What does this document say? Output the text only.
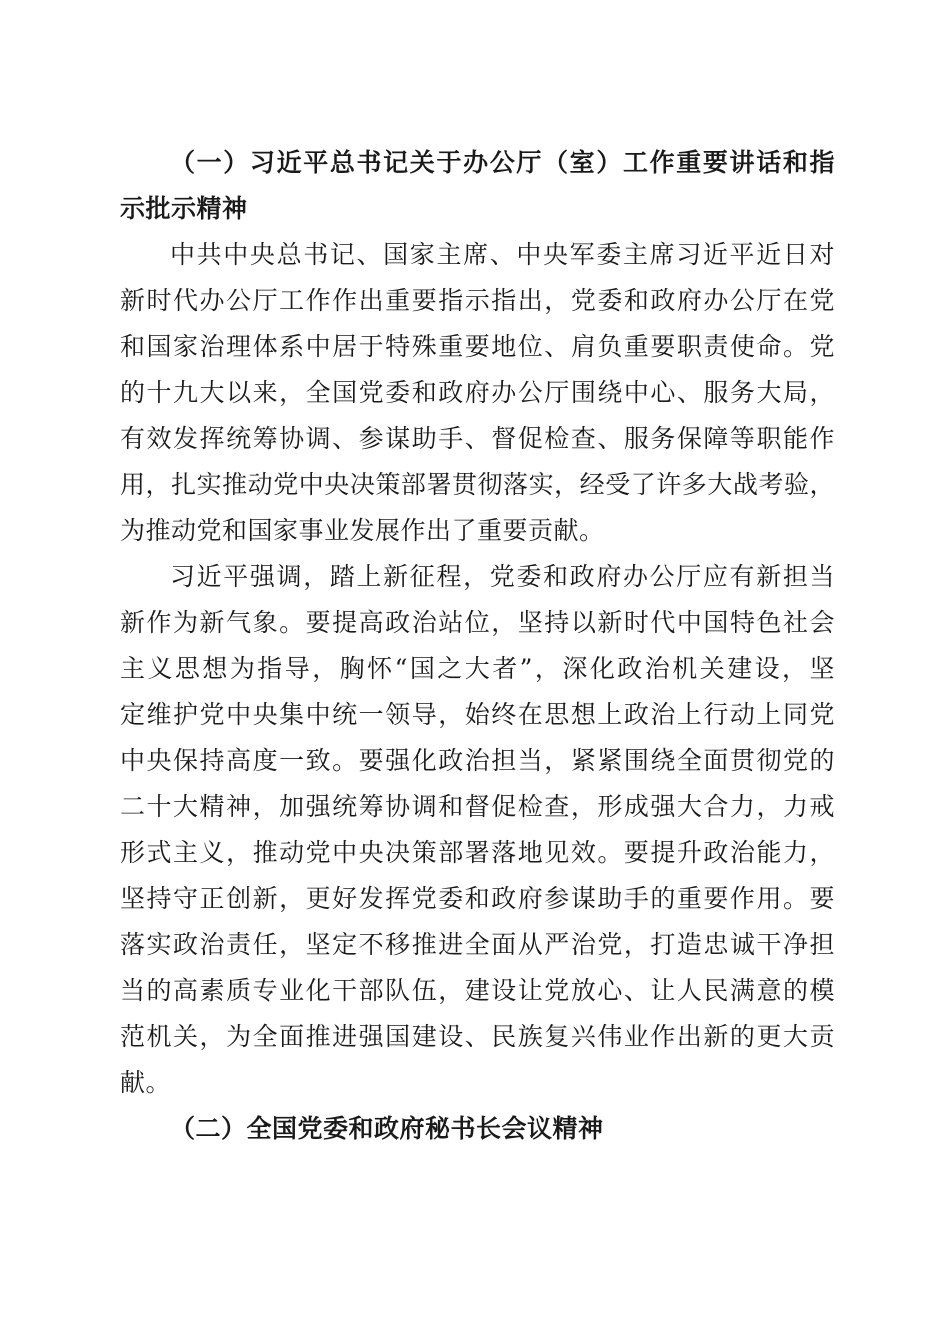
（一）习近平总书记关于办公厅（室）工作重要讲话和指
示批示精神
中共中央总书记、国家主席、中央军委主席习近平近日对
新时代办公厅工作作出重要指示指出，党委和政府办公厅在党
和国家治理体系中居于特殊重要地位、肩负重要职责使命。党
的十九大以来，全国党委和政府办公厅围绕中心、服务大局，
有效发挥统筹协调、参谋助手、督促检查、服务保障等职能作
用，扎实推动党中央决策部署贯彻落实，经受了许多大战考验，
为推动党和国家事业发展作出了重要贡献。
习近平强调，踏上新征程，党委和政府办公厅应有新担当
新作为新气象。要提高政治站位，坚持以新时代中国特色社会
主义思想为指导，胸怀“国之大者”，深化政治机关建设，坚
定维护党中央集中统一领导，始终在思想上政治上行动上同党
中央保持高度一致。要强化政治担当，紧紧围绕全面贯彻党的
二十大精神，加强统筹协调和督促检查，形成强大合力，力戒
形式主义，推动党中央决策部署落地见效。要提升政治能力，
坚持守正创新，更好发挥党委和政府参谋助手的重要作用。要
落实政治责任，坚定不移推进全面从严治党，打造忠诚干净担
当的高素质专业化干部队伍，建设让党放心、让人民满意的模
范机关，为全面推进强国建设、民族复兴伟业作出新的更大贡
献。
（二）全国党委和政府秘书长会议精神
